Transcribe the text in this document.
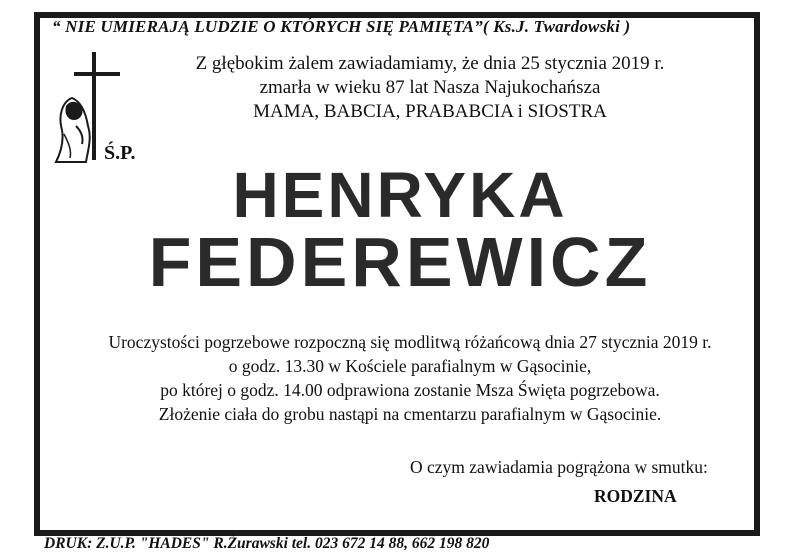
“ NIE UMIERAJĄ LUDZIE O KTÓRYCH SIĘ PAMIĘTA”( Ks.J. Twardowski )
Ś.P.
Z głębokim żalem zawiadamiamy, że dnia 25 stycznia 2019 r.
zmarła w wieku 87 lat Nasza Najukochańsza
MAMA, BABCIA, PRABABCIA i SIOSTRA
HENRYKA
FEDEREWICZ
Uroczystości pogrzebowe rozpoczną się modlitwą różańcową dnia 27 stycznia 2019 r.
o godz. 13.30 w Kościele parafialnym w Gąsocinie,
po której o godz. 14.00 odprawiona zostanie Msza Święta pogrzebowa.
Złożenie ciała do grobu nastąpi na cmentarzu parafialnym w Gąsocinie.
O czym zawiadamia pogrążona w smutku:
RODZINA
DRUK: Z.U.P. "HADES" R.Żurawski tel. 023 672 14 88, 662 198 820
